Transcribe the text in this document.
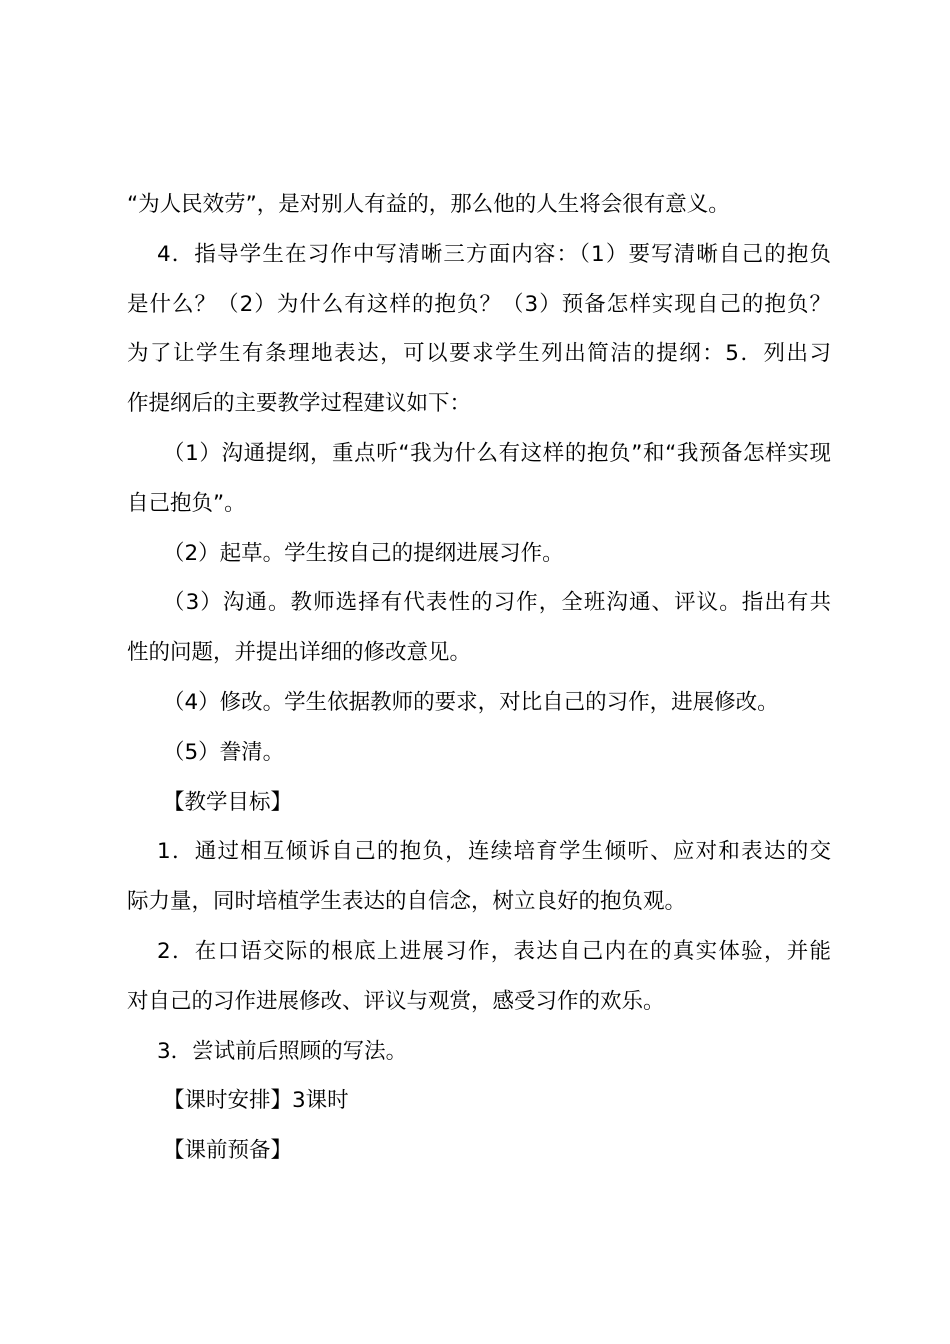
“为人民效劳”，是对别人有益的，那么他的人生将会很有意义。
4．指导学生在习作中写清晰三方面内容：（1）要写清晰自己的抱负
是什么？（2）为什么有这样的抱负？（3）预备怎样实现自己的抱负？
为了让学生有条理地表达，可以要求学生列出简洁的提纲：5．列出习
作提纲后的主要教学过程建议如下：
（1）沟通提纲，重点听“我为什么有这样的抱负”和“我预备怎样实现
自己抱负”。
（2）起草。学生按自己的提纲进展习作。
（3）沟通。教师选择有代表性的习作，全班沟通、评议。指出有共
性的问题，并提出详细的修改意见。
（4）修改。学生依据教师的要求，对比自己的习作，进展修改。
（5）誊清。
【教学目标】
1．通过相互倾诉自己的抱负，连续培育学生倾听、应对和表达的交
际力量，同时培植学生表达的自信念，树立良好的抱负观。
2．在口语交际的根底上进展习作，表达自己内在的真实体验，并能
对自己的习作进展修改、评议与观赏，感受习作的欢乐。
3．尝试前后照顾的写法。
【课时安排】3课时
【课前预备】
